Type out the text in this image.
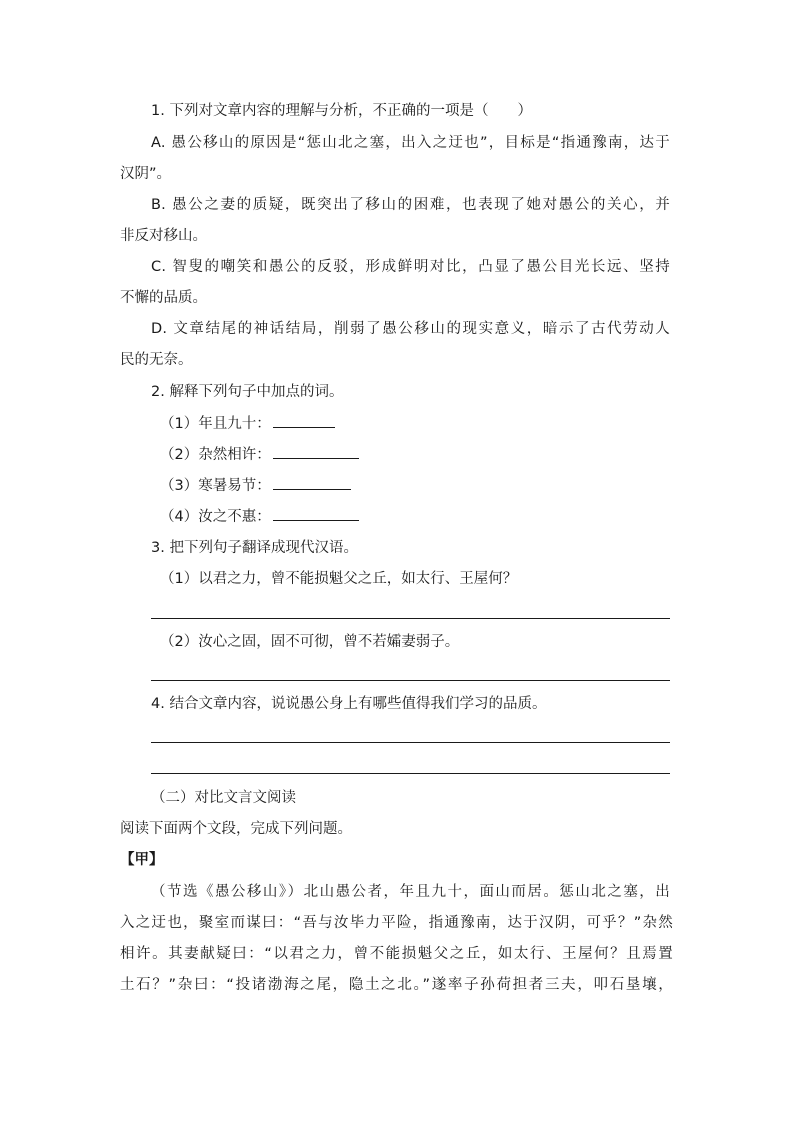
1. 下列对文章内容的理解与分析，不正确的一项是（　　）
A. 愚公移山的原因是“惩山北之塞，出入之迂也”，目标是“指通豫南，达于
汉阴”。
B. 愚公之妻的质疑，既突出了移山的困难，也表现了她对愚公的关心，并
非反对移山。
C. 智叟的嘲笑和愚公的反驳，形成鲜明对比，凸显了愚公目光长远、坚持
不懈的品质。
D. 文章结尾的神话结局，削弱了愚公移山的现实意义，暗示了古代劳动人
民的无奈。
2. 解释下列句子中加点的词。
（1）年且九十：
（2）杂然相许：
（3）寒暑易节：
（4）汝之不惠：
3. 把下列句子翻译成现代汉语。
（1）以君之力，曾不能损魁父之丘，如太行、王屋何？
（2）汝心之固，固不可彻，曾不若孀妻弱子。
4. 结合文章内容，说说愚公身上有哪些值得我们学习的品质。
（二）对比文言文阅读
阅读下面两个文段，完成下列问题。
【甲】
（节选《愚公移山》）北山愚公者，年且九十，面山而居。惩山北之塞，出
入之迂也，聚室而谋曰：“吾与汝毕力平险，指通豫南，达于汉阴，可乎？”杂然
相许。其妻献疑曰：“以君之力，曾不能损魁父之丘，如太行、王屋何？且焉置
土石？”杂曰：“投诸渤海之尾，隐土之北。”遂率子孙荷担者三夫，叩石垦壤，
